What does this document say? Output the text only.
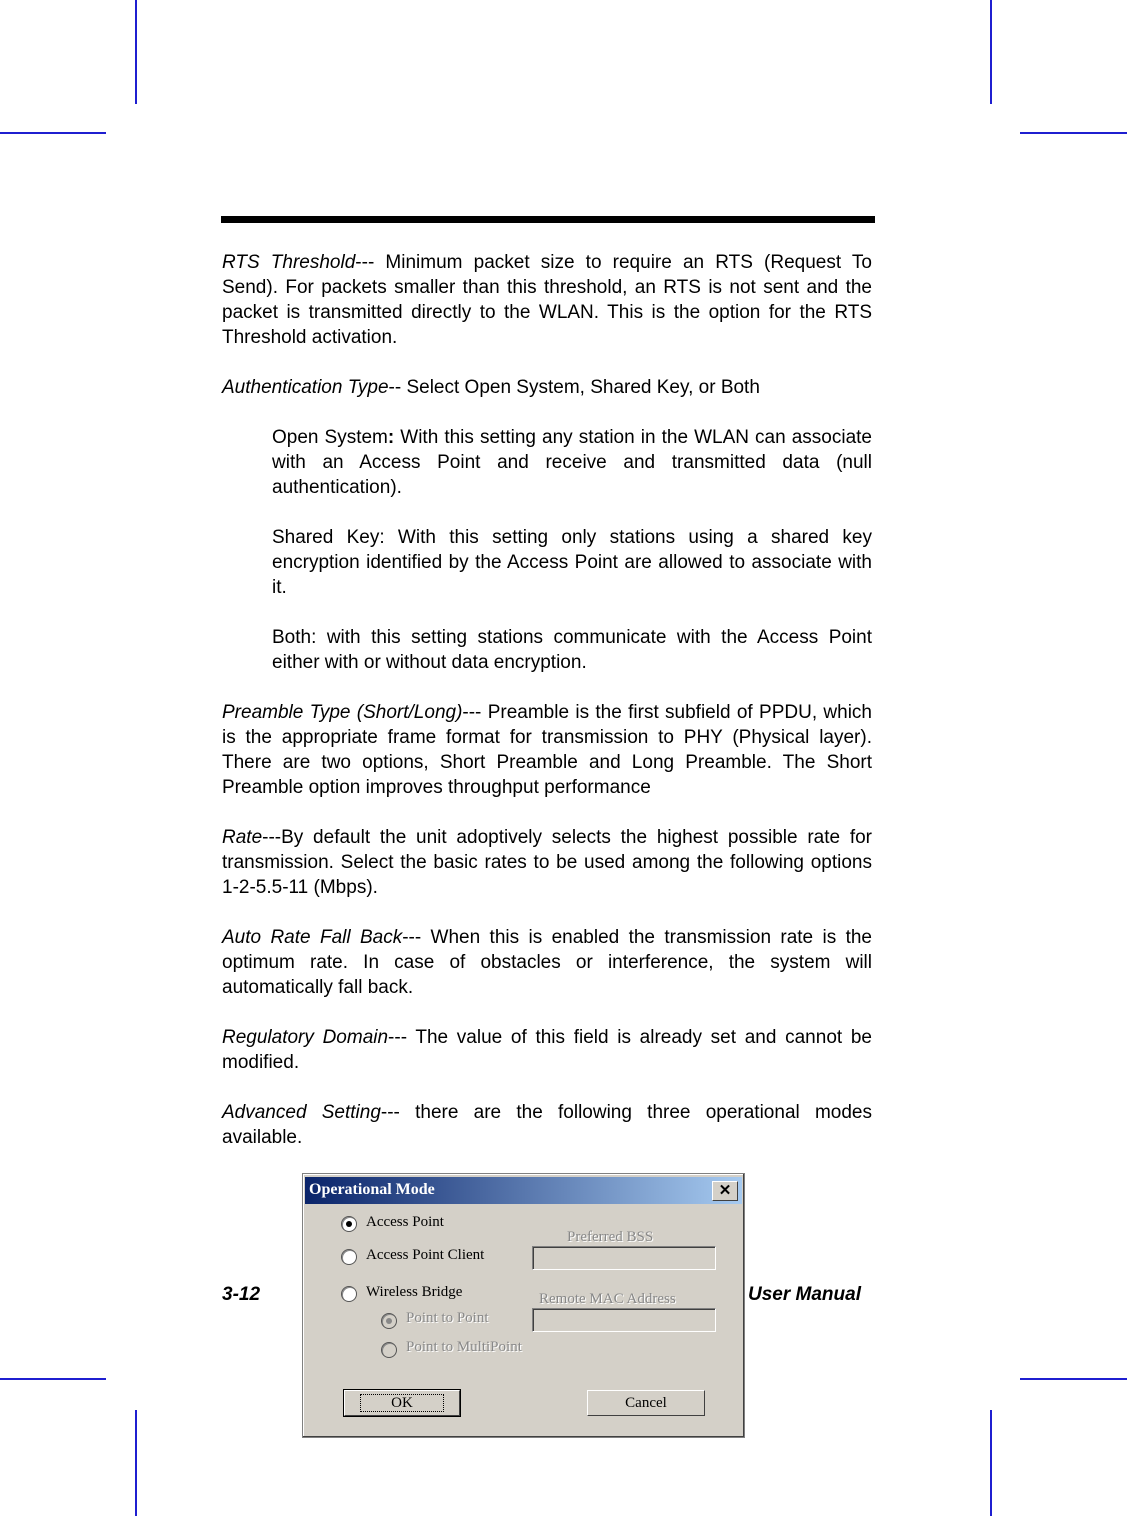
RTS Threshold--- Minimum packet size to require an RTS (Request To Send). For packets smaller than this threshold, an RTS is not sent and the packet is transmitted directly to the WLAN. This is the option for the RTS Threshold activation.

Authentication Type-- Select Open System, Shared Key, or Both

Open System: With this setting any station in the WLAN can associate with an Access Point and receive and transmitted data (null authentication).

Shared Key: With this setting only stations using a shared key encryption identified by the Access Point are allowed to associate with it.

Both: with this setting stations communicate with the Access Point either with or without data encryption.

Preamble Type (Short/Long)--- Preamble is the first subfield of PPDU, which is the appropriate frame format for transmission to PHY (Physical layer). There are two options, Short Preamble and Long Preamble. The Short Preamble option improves throughput performance

Rate---By default the unit adoptively selects the highest possible rate for transmission. Select the basic rates to be used among the following options 1-2-5.5-11 (Mbps).

Auto Rate Fall Back--- When this is enabled the transmission rate is the optimum rate. In case of obstacles or interference, the system will automatically fall back.

Regulatory Domain--- The value of this field is already set and cannot be modified.

Advanced Setting--- there are the following three operational modes available.

3-12	User Manual
Operational Mode	✕
Access Point
Access Point Client
Preferred BSS
Wireless Bridge	Remote MAC Address
Point to Point
Point to MultiPoint
OK	Cancel
